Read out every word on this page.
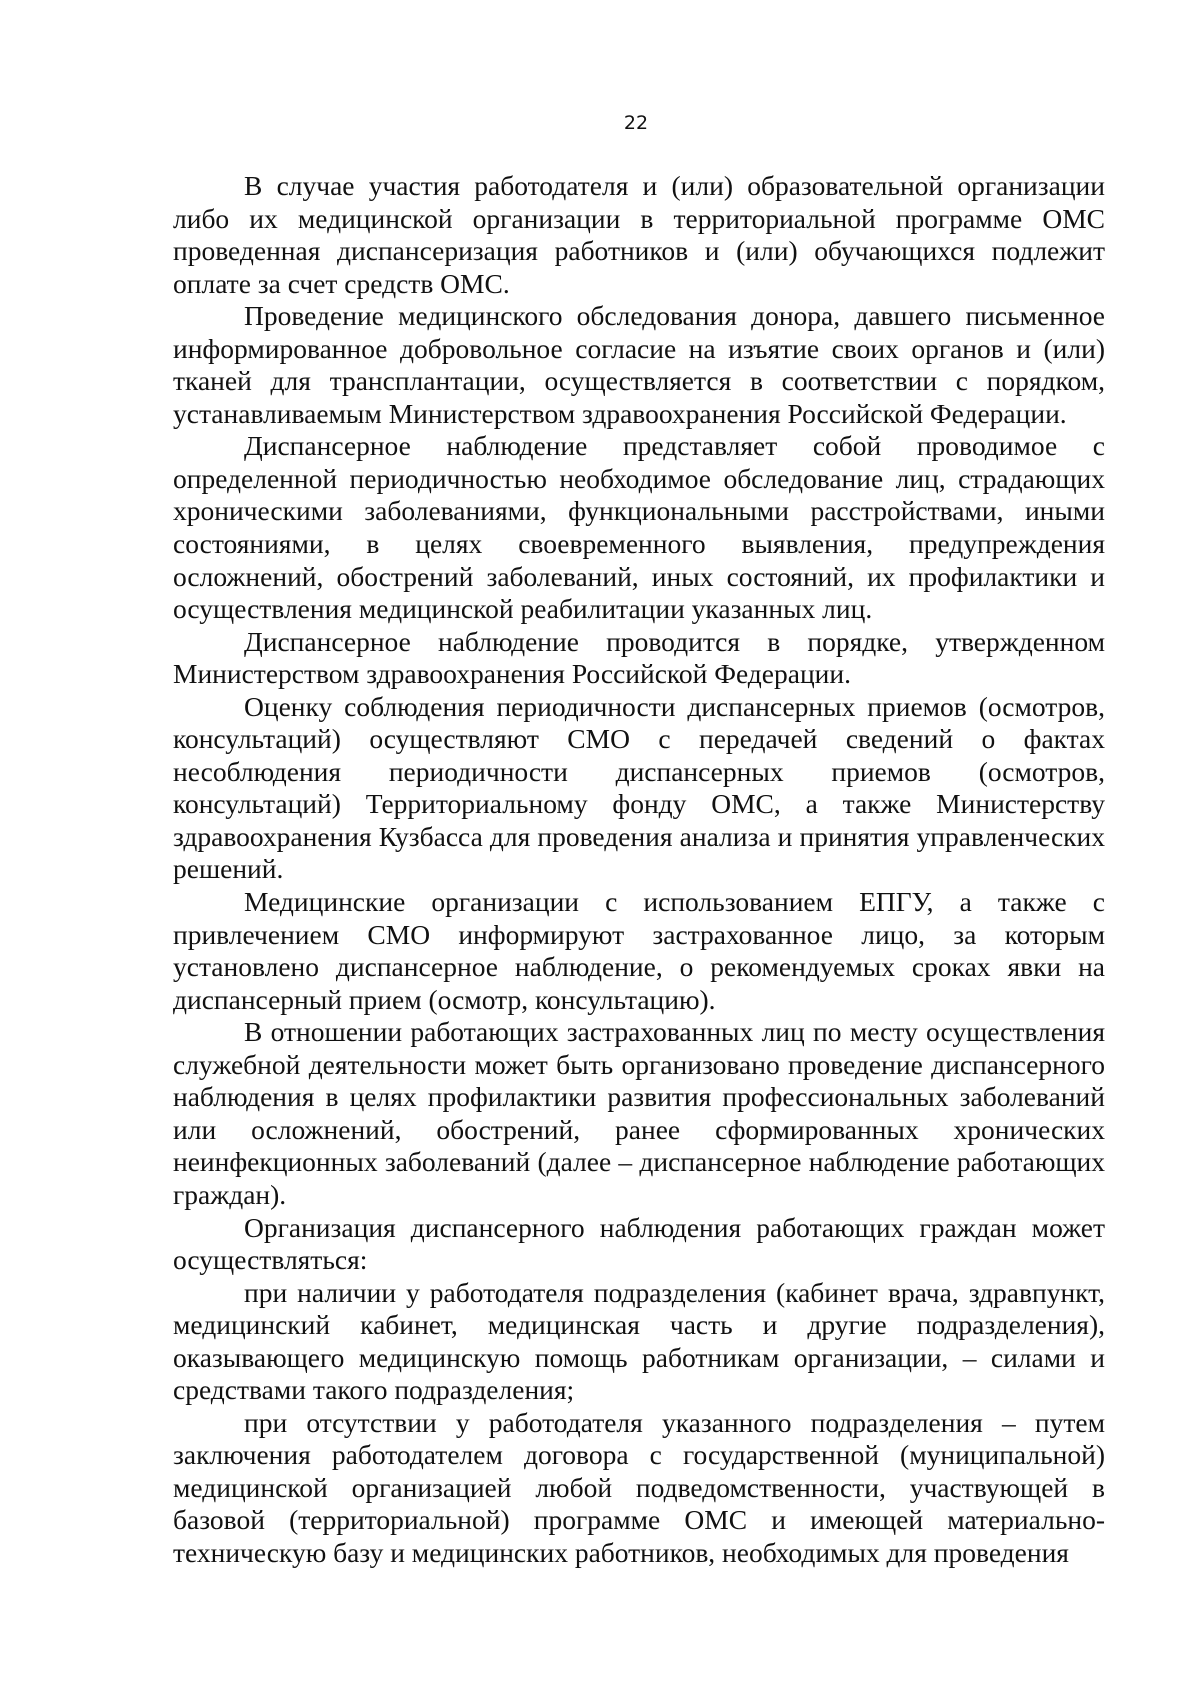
22

В случае участия работодателя и (или) образовательной организации либо их медицинской организации в территориальной программе ОМС проведенная диспансеризация работников и (или) обучающихся подлежит оплате за счет средств ОМС.

Проведение медицинского обследования донора, давшего письменное информированное добровольное согласие на изъятие своих органов и (или) тканей для трансплантации, осуществляется в соответствии с порядком, устанавливаемым Министерством здравоохранения Российской Федерации.

Диспансерное наблюдение представляет собой проводимое с определенной периодичностью необходимое обследование лиц, страдающих хроническими заболеваниями, функциональными расстройствами, иными состояниями, в целях своевременного выявления, предупреждения осложнений, обострений заболеваний, иных состояний, их профилактики и осуществления медицинской реабилитации указанных лиц.

Диспансерное наблюдение проводится в порядке, утвержденном Министерством здравоохранения Российской Федерации.

Оценку соблюдения периодичности диспансерных приемов (осмотров, консультаций) осуществляют СМО с передачей сведений о фактах несоблюдения периодичности диспансерных приемов (осмотров, консультаций) Территориальному фонду ОМС, а также Министерству здравоохранения Кузбасса для проведения анализа и принятия управленческих решений.

Медицинские организации с использованием ЕПГУ, а также с привлечением СМО информируют застрахованное лицо, за которым установлено диспансерное наблюдение, о рекомендуемых сроках явки на диспансерный прием (осмотр, консультацию).

В отношении работающих застрахованных лиц по месту осуществления служебной деятельности может быть организовано проведение диспансерного наблюдения в целях профилактики развития профессиональных заболеваний или осложнений, обострений, ранее сформированных хронических неинфекционных заболеваний (далее – диспансерное наблюдение работающих граждан).

Организация диспансерного наблюдения работающих граждан может осуществляться:

при наличии у работодателя подразделения (кабинет врача, здравпункт, медицинский кабинет, медицинская часть и другие подразделения), оказывающего медицинскую помощь работникам организации, – силами и средствами такого подразделения;

при отсутствии у работодателя указанного подразделения – путем заключения работодателем договора с государственной (муниципальной) медицинской организацией любой подведомственности, участвующей в базовой (территориальной) программе ОМС и имеющей материально-техническую базу и медицинских работников, необходимых для проведения
